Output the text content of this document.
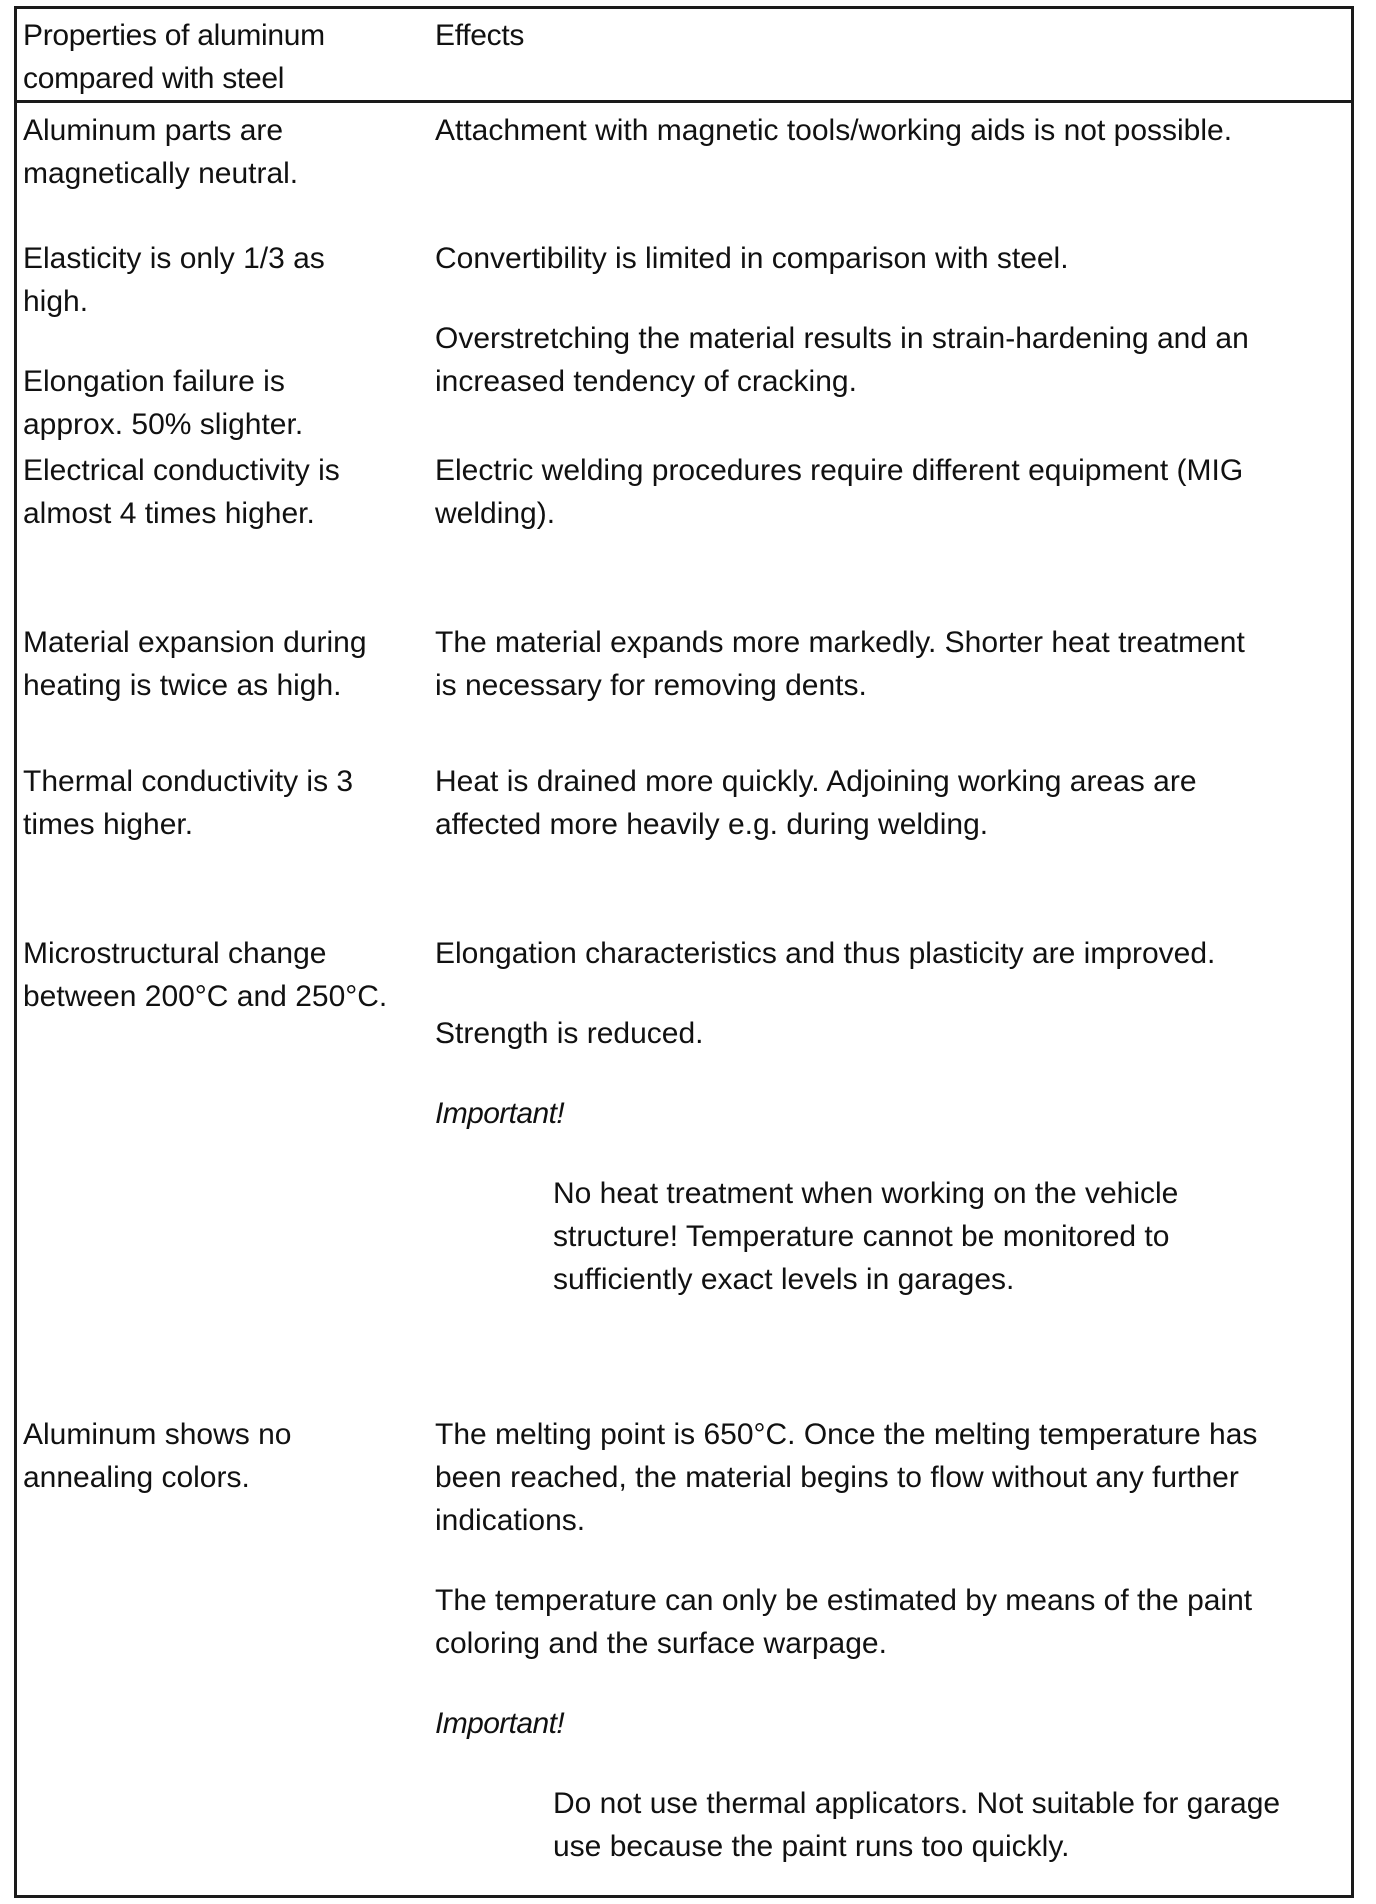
Properties of aluminum
compared with steel
Effects
Aluminum parts are
magnetically neutral.
Attachment with magnetic tools/working aids is not possible.
Elasticity is only 1/3 as
high.
Convertibility is limited in comparison with steel.
Overstretching the material results in strain-hardening and an
increased tendency of cracking.
Elongation failure is
approx. 50% slighter.
Electrical conductivity is
almost 4 times higher.
Electric welding procedures require different equipment (MIG
welding).
Material expansion during
heating is twice as high.
The material expands more markedly. Shorter heat treatment
is necessary for removing dents.
Thermal conductivity is 3
times higher.
Heat is drained more quickly. Adjoining working areas are
affected more heavily e.g. during welding.
Microstructural change
between 200°C and 250°C.
Elongation characteristics and thus plasticity are improved.
Strength is reduced.
Important!
No heat treatment when working on the vehicle
structure! Temperature cannot be monitored to
sufficiently exact levels in garages.
Aluminum shows no
annealing colors.
The melting point is 650°C. Once the melting temperature has
been reached, the material begins to flow without any further
indications.
The temperature can only be estimated by means of the paint
coloring and the surface warpage.
Important!
Do not use thermal applicators. Not suitable for garage
use because the paint runs too quickly.
